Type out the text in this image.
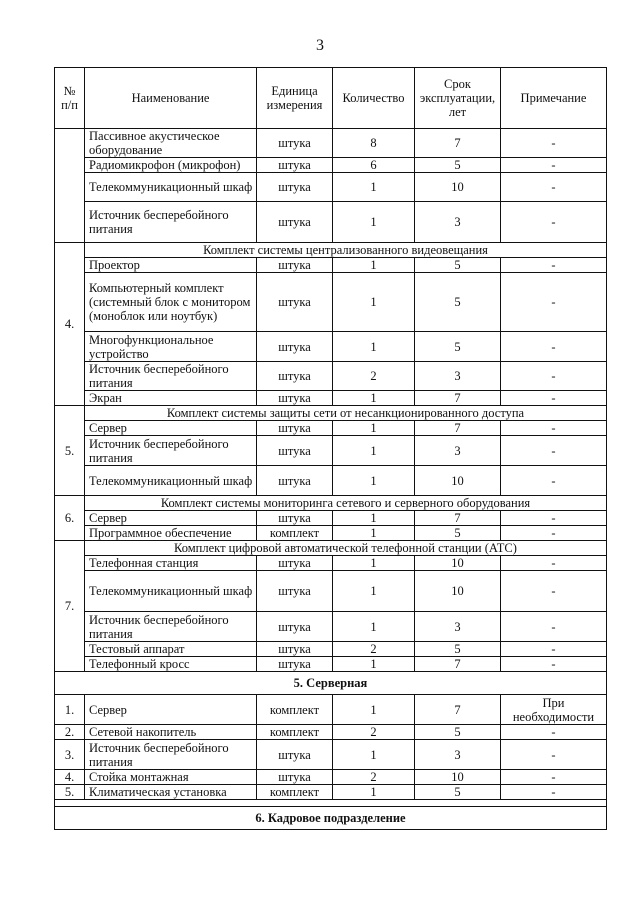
3
№ п/п	Наименование	Единица измерения	Количество	Срок эксплуатации, лет	Примечание
	Пассивное акустическое оборудование	штука	8	7	-
	Радиомикрофон (микрофон)	штука	6	5	-
	Телекоммуникационный шкаф	штука	1	10	-
	Источник бесперебойного питания	штука	1	3	-
4.	Комплект системы централизованного видеовещания				
	Проектор	штука	1	5	-
	Компьютерный комплект (системный блок с монитором (моноблок или ноутбук)	штука	1	5	-
	Многофункциональное устройство	штука	1	5	-
	Источник бесперебойного питания	штука	2	3	-
	Экран	штука	1	7	-
5.	Комплект системы защиты сети от несанкционированного доступа				
	Сервер	штука	1	7	-
	Источник бесперебойного питания	штука	1	3	-
	Телекоммуникационный шкаф	штука	1	10	-
6.	Комплект системы мониторинга сетевого и серверного оборудования				
	Сервер	штука	1	7	-
	Программное обеспечение	комплект	1	5	-
7.	Комплект цифровой автоматической телефонной станции (АТС)				
	Телефонная станция	штука	1	10	-
	Телекоммуникационный шкаф	штука	1	10	-
	Источник бесперебойного питания	штука	1	3	-
	Тестовый аппарат	штука	2	5	-
	Телефонный кросс	штука	1	7	-
5. Серверная					
1.	Сервер	комплект	1	7	При необходимости
2.	Сетевой накопитель	комплект	2	5	-
3.	Источник бесперебойного питания	штука	1	3	-
4.	Стойка монтажная	штука	2	10	-
5.	Климатическая установка	комплект	1	5	-

6. Кадровое подразделение					
